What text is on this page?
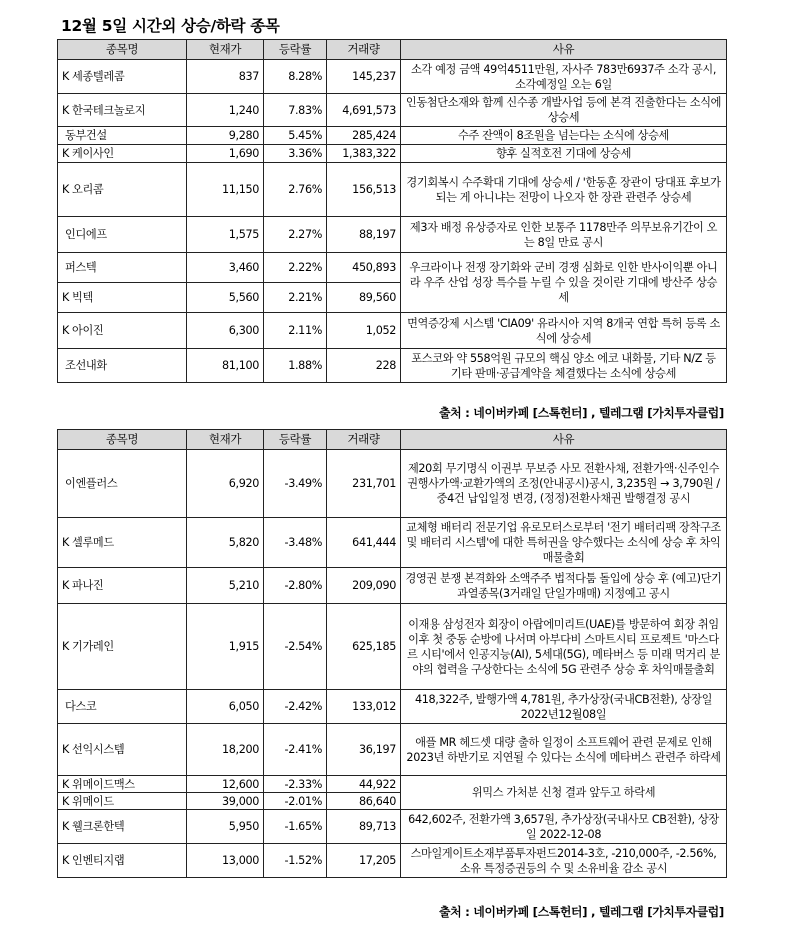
12월 5일 시간외 상승/하락 종목
종목명	현재가	등락률	거래량	사유
K 세종텔레콤	837	8.28%	145,237	소각 예정 금액 49억4511만원, 자사주 783만6937주 소각 공시, 소각예정일 오는 6일
K 한국테크놀로지	1,240	7.83%	4,691,573	인동첨단소재와 함께 신수종 개발사업 등에 본격 진출한다는 소식에 상승세
동부건설	9,280	5.45%	285,424	수주 잔액이 8조원을 넘는다는 소식에 상승세
K 케이사인	1,690	3.36%	1,383,322	향후 실적호전 기대에 상승세
K 오리콤	11,150	2.76%	156,513	경기회복시 수주확대 기대에 상승세 / '한동훈 장관이 당대표 후보가 되는 게 아니냐는 전망이 나오자 한 장관 관련주 상승세
인디에프	1,575	2.27%	88,197	제3자 배정 유상증자로 인한 보통주 1178만주 의무보유기간이 오는 8일 만료 공시
퍼스텍	3,460	2.22%	450,893	우크라이나 전쟁 장기화와 군비 경쟁 심화로 인한 반사이익뿐 아니라 우주 산업 성장 특수를 누릴 수 있을 것이란 기대에 방산주 상승세
K 빅텍	5,560	2.21%	89,560	
K 아이진	6,300	2.11%	1,052	면역증강제 시스템 'CIA09' 유라시아 지역 8개국 연합 특허 등록 소식에 상승세
조선내화	81,100	1.88%	228	포스코와 약 558억원 규모의 핵심 양소 에코 내화물, 기타 N/Z 등 기타 판매·공급계약을 체결했다는 소식에 상승세
출처 : 네이버카페 [스톡헌터] , 텔레그램 [가치투자클럽]
종목명	현재가	등락률	거래량	사유
이엔플러스	6,920	-3.49%	231,701	제20회 무기명식 이권부 무보증 사모 전환사채, 전환가액·신주인수권행사가액·교환가액의 조정(안내공시)공시, 3,235원 → 3,790원 / 중4건 납입일정 변경, (정정)전환사채권 발행결정 공시
K 셀루메드	5,820	-3.48%	641,444	교체형 배터리 전문기업 유로모터스로부터 '전기 배터리팩 장착구조 및 배터리 시스템'에 대한 특허권을 양수했다는 소식에 상승 후 차익매물출회
K 파나진	5,210	-2.80%	209,090	경영권 분쟁 본격화와 소액주주 법적다툼 돌입에 상승 후 (예고)단기과열종목(3거래일 단일가매매) 지정예고 공시
K 기가레인	1,915	-2.54%	625,185	이재용 삼성전자 회장이 아랍에미리트(UAE)를 방문하여 회장 취임 이후 첫 중동 순방에 나서며 아부다비 스마트시티 프로젝트 '마스다르 시티'에서 인공지능(AI), 5세대(5G), 메타버스 등 미래 먹거리 분야의 협력을 구상한다는 소식에 5G 관련주 상승 후 차익매물출회
다스코	6,050	-2.42%	133,012	418,322주, 발행가액 4,781원, 추가상장(국내CB전환), 상장일 2022년12월08일
K 선익시스템	18,200	-2.41%	36,197	애플 MR 헤드셋 대량 출하 일정이 소프트웨어 관련 문제로 인해 2023년 하반기로 지연될 수 있다는 소식에 메타버스 관련주 하락세
K 위메이드맥스	12,600	-2.33%	44,922	위믹스 가처분 신청 결과 앞두고 하락세
K 위메이드	39,000	-2.01%	86,640	
K 웰크론한텍	5,950	-1.65%	89,713	642,602주, 전환가액 3,657원, 추가상장(국내사모 CB전환), 상장일 2022-12-08
K 인벤티지랩	13,000	-1.52%	17,205	스마일게이트소재부품투자펀드2014-3호, -210,000주, -2.56%, 소유 특정증권등의 수 및 소유비율 감소 공시
출처 : 네이버카페 [스톡헌터] , 텔레그램 [가치투자클럽]
